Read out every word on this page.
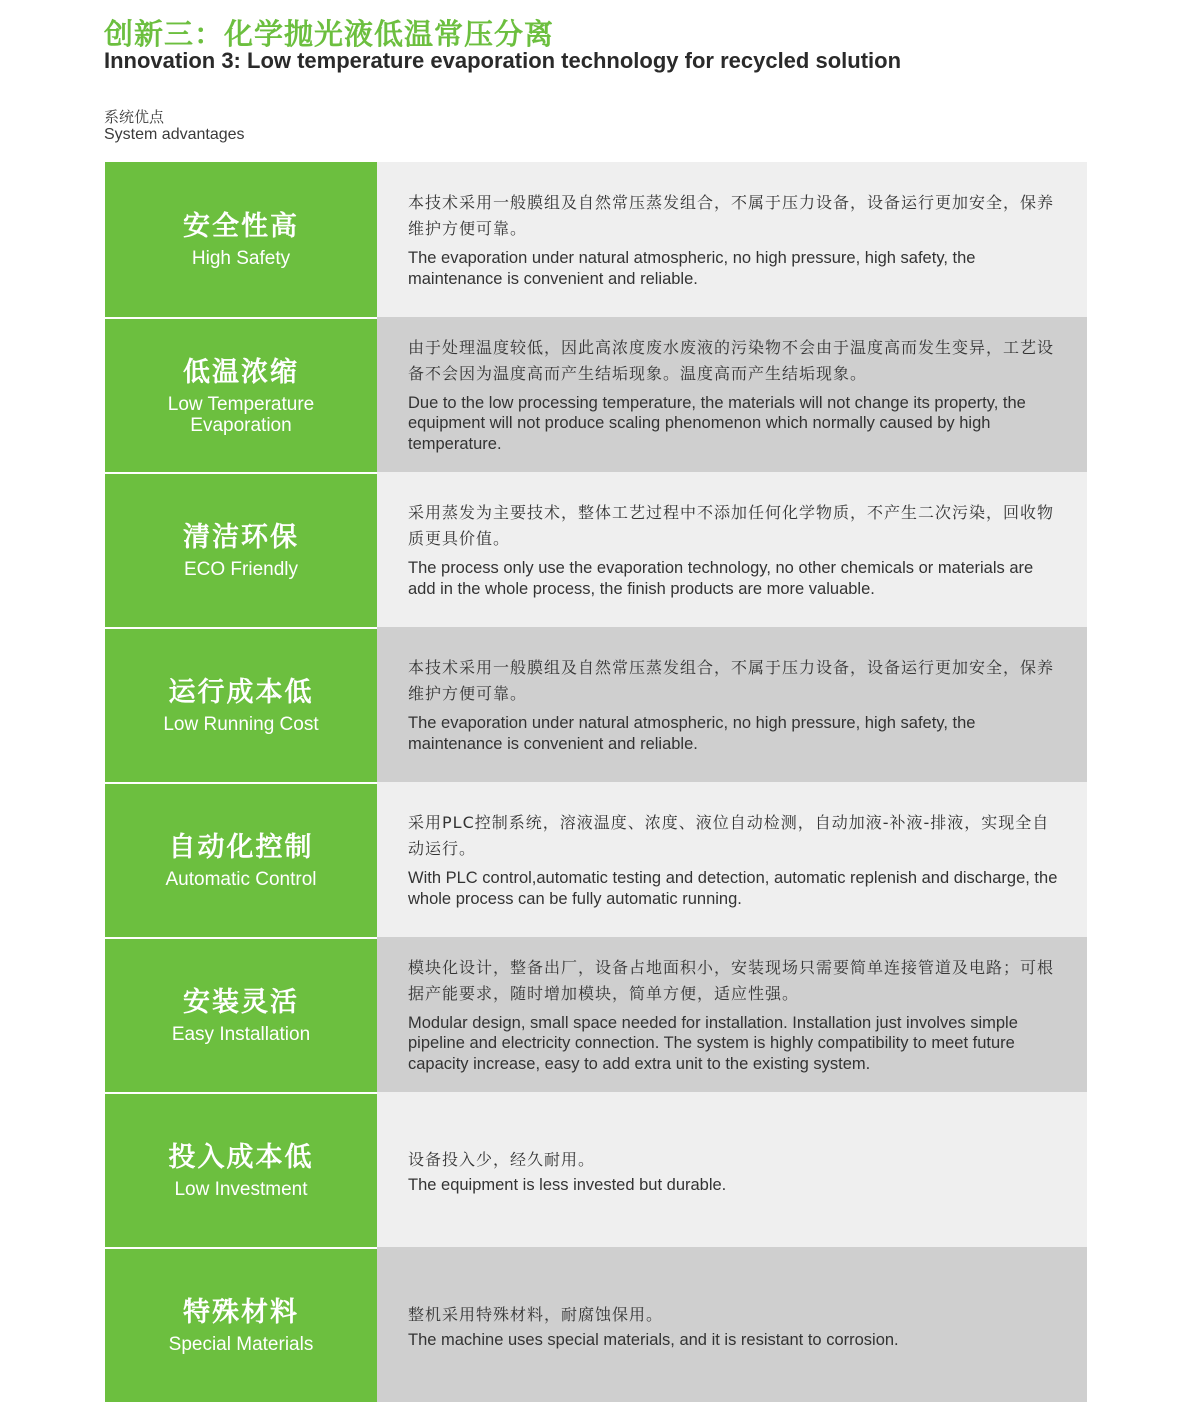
创新三：化学抛光液低温常压分离
Innovation 3: Low temperature evaporation technology for recycled solution
系统优点
System advantages
安全性高
High Safety
本技术采用一般膜组及自然常压蒸发组合，不属于压力设备，设备运行更加安全，保养维护方便可靠。
The evaporation under natural atmospheric, no high pressure, high safety, the maintenance is convenient and reliable.
低温浓缩
Low Temperature
Evaporation
由于处理温度较低，因此高浓度废水废液的污染物不会由于温度高而发生变异，工艺设备不会因为温度高而产生结垢现象。温度高而产生结垢现象。
Due to the low processing temperature, the materials will not change its property, the equipment will not produce scaling phenomenon which normally caused by high temperature.
清洁环保
ECO Friendly
采用蒸发为主要技术，整体工艺过程中不添加任何化学物质，不产生二次污染，回收物质更具价值。
The process only use the evaporation technology, no other chemicals or materials are add in the whole process, the finish products are more valuable.
运行成本低
Low Running Cost
本技术采用一般膜组及自然常压蒸发组合，不属于压力设备，设备运行更加安全，保养维护方便可靠。
The evaporation under natural atmospheric, no high pressure, high safety, the maintenance is convenient and reliable.
自动化控制
Automatic Control
采用PLC控制系统，溶液温度、浓度、液位自动检测，自动加液-补液-排液，实现全自动运行。
With PLC control,automatic testing and detection, automatic replenish and discharge, the whole process can be fully automatic running.
安装灵活
Easy Installation
模块化设计，整备出厂，设备占地面积小，安装现场只需要简单连接管道及电路；可根据产能要求，随时增加模块，简单方便，适应性强。
Modular design, small space needed for installation. Installation just involves simple pipeline and electricity connection. The system is highly compatibility to meet future capacity increase, easy to add extra unit to the existing system.
投入成本低
Low Investment
设备投入少，经久耐用。
The equipment is less invested but durable.
特殊材料
Special Materials
整机采用特殊材料，耐腐蚀保用。
The machine uses special materials, and it is resistant to corrosion.
